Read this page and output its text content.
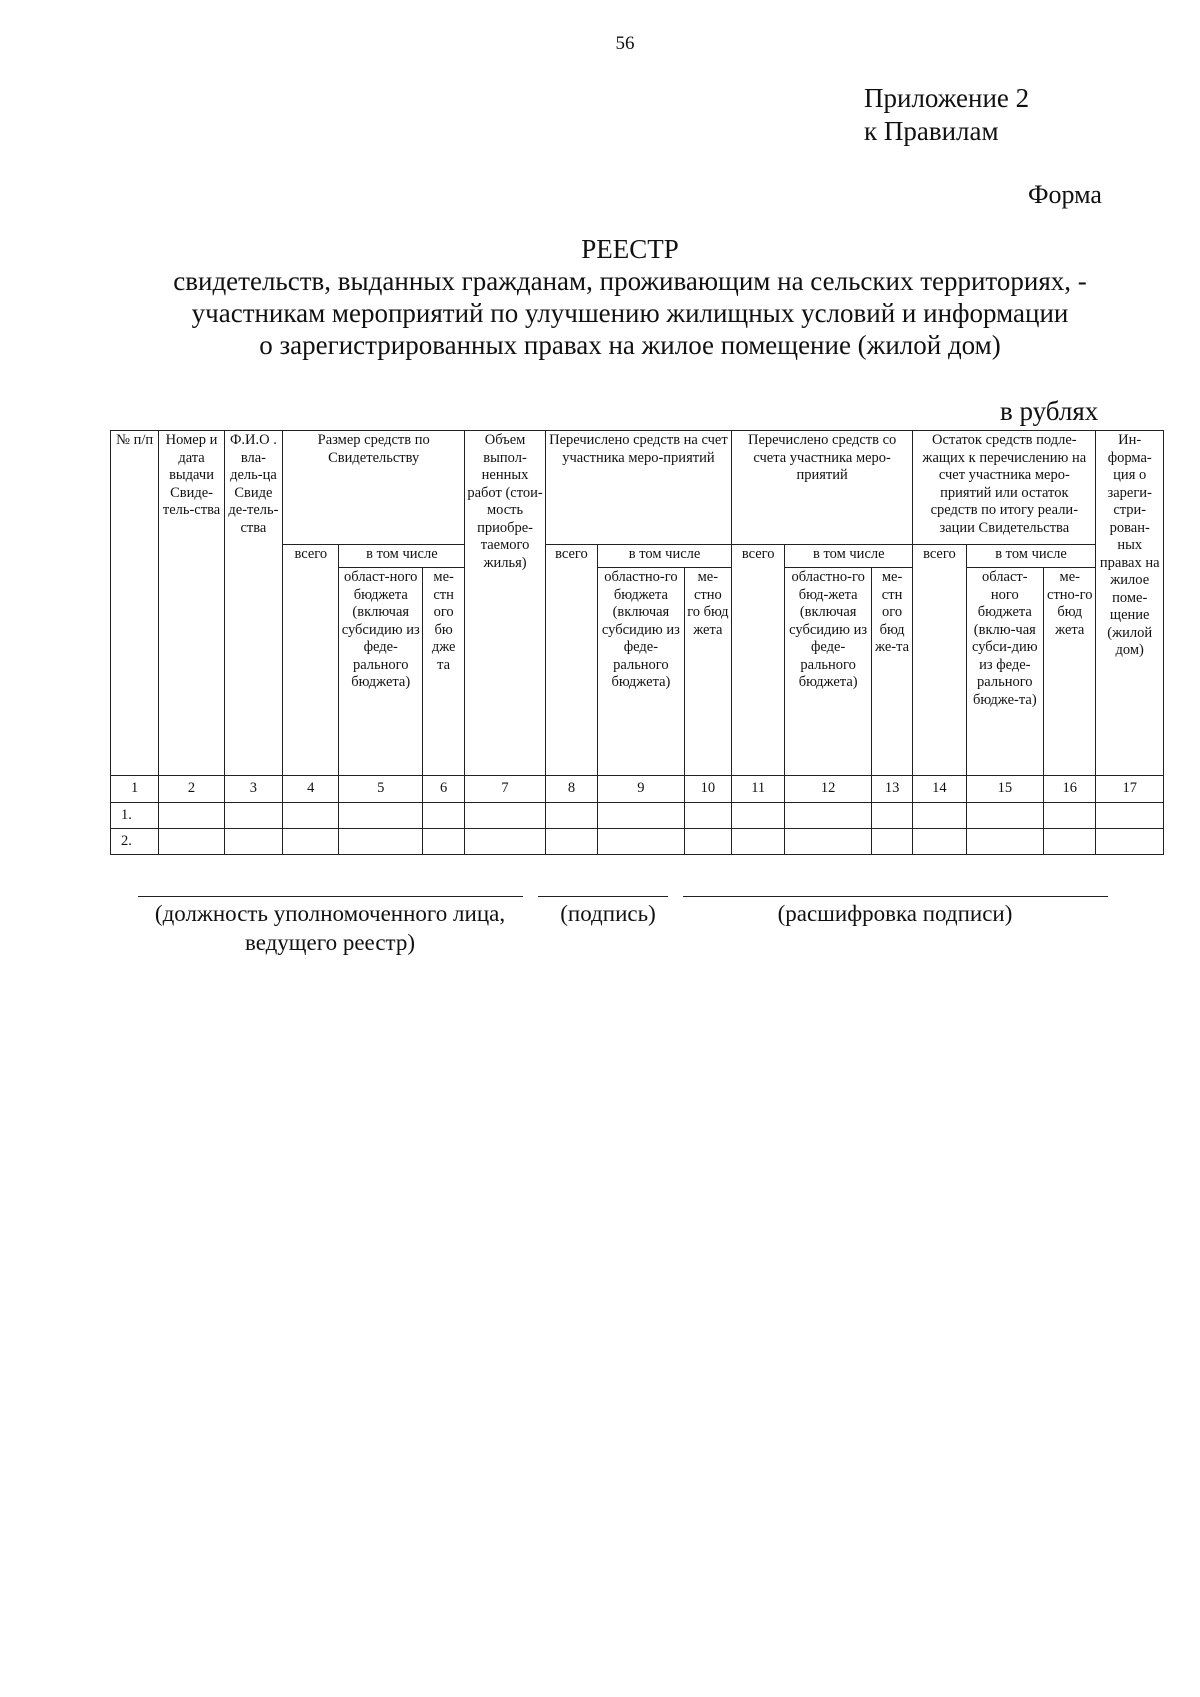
56
Приложение 2
к Правилам
Форма
РЕЕСТР
свидетельств, выданных гражданам, проживающим на сельских территориях, -
участникам мероприятий по улучшению жилищных условий и информации
о зарегистрированных правах на жилое помещение (жилой дом)
в рублях
№ п/п	Номер и дата выдачи Свиде-тель-ства	Ф.И.О . вла-дель-ца Свиде де-тель-ства	Размер средств по Свидетельству			Объем выпол-ненных работ (стои-мость приобре-таемого жилья)	Перечислено средств на счет участника меро-приятий			Перечислено средств со счета участника меро-приятий			Остаток средств подле-жащих к перечислению на счет участника меро-приятий или остаток средств по итогу реали-зации Свидетельства			Ин-форма-ция о зареги-стри-рован-ных правах на жилое поме-щение (жилой дом)
			всего	в том числе			всего	в том числе		всего	в том числе		всего	в том числе		
				област-ного бюджета (включая субсидию из феде-рального бюджета)	ме-стн ого бю дже та			областно-го бюджета (включая субсидию из феде-рального бюджета)	ме-стно го бюд жета		областно-го бюд-жета (включая субсидию из феде-рального бюджета)	ме-стн ого бюд же-та		област-ного бюджета (вклю-чая субси-дию из феде-рального бюдже-та)	ме-стно-го бюд жета	
1	2	3	4	5	6	7	8	9	10	11	12	13	14	15	16	17
1.																
2.																
(должность уполномоченного лица,
ведущего реестр)
(подпись)	(расшифровка подписи)
